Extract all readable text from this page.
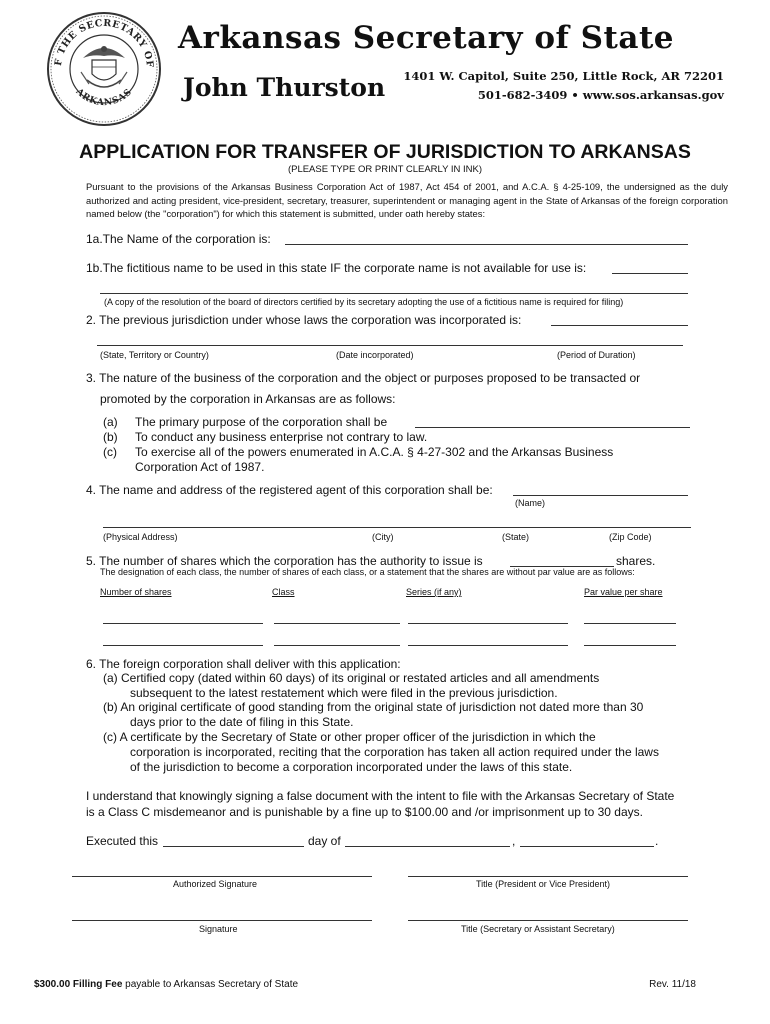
F THE SECRETARY OF
ARKANSAS
Arkansas Secretary of State
John Thurston 1401 W. Capitol, Suite 250, Little Rock, AR 72201
501-682-3409 • www.sos.arkansas.gov
APPLICATION FOR TRANSFER OF JURISDICTION TO ARKANSAS
(PLEASE TYPE OR PRINT CLEARLY IN INK)
Pursuant to the provisions of the Arkansas Business Corporation Act of 1987, Act 454 of 2001, and A.C.A. § 4-25-109, the undersigned as the duly authorized and acting president, vice-president, secretary, treasurer, superintendent or managing agent in the State of Arkansas of the foreign corporation named below (the "corporation") for which this statement is submitted, under oath hereby states:
1a.The Name of the corporation is:
1b.The fictitious name to be used in this state IF the corporate name is not available for use is:
(A copy of the resolution of the board of directors certified by its secretary adopting the use of a fictitious name is required for filing)
2. The previous jurisdiction under whose laws the corporation was incorporated is:
(State, Territory or Country)	(Date incorporated)	(Period of Duration)
3. The nature of the business of the corporation and the object or purposes proposed to be transacted or
promoted by the corporation in Arkansas are as follows:
(a) The primary purpose of the corporation shall be
(b) To conduct any business enterprise not contrary to law.
(c) To exercise all of the powers enumerated in A.C.A. § 4-27-302 and the Arkansas Business
Corporation Act of 1987.
4. The name and address of the registered agent of this corporation shall be:
(Name)
(Physical Address)	(City)	(State)	(Zip Code)
5. The number of shares which the corporation has the authority to issue is	shares.
The designation of each class, the number of shares of each class, or a statement that the shares are without par value are as follows:
Number of shares	Class	Series (if any)	Par value per share
6. The foreign corporation shall deliver with this application:
(a) Certified copy (dated within 60 days) of its original or restated articles and all amendments
subsequent to the latest restatement which were filed in the previous jurisdiction.
(b) An original certificate of good standing from the original state of jurisdiction not dated more than 30
days prior to the date of filing in this State.
(c) A certificate by the Secretary of State or other proper officer of the jurisdiction in which the
corporation is incorporated, reciting that the corporation has taken all action required under the laws
of the jurisdiction to become a corporation incorporated under the laws of this state.
I understand that knowingly signing a false document with the intent to file with the Arkansas Secretary of State
is a Class C misdemeanor and is punishable by a fine up to $100.00 and /or imprisonment up to 30 days.
Executed this	day of	,	.
Authorized Signature	Title (President or Vice President)
Signature	Title (Secretary or Assistant Secretary)
$300.00 Filling Fee payable to Arkansas Secretary of State	Rev. 11/18
